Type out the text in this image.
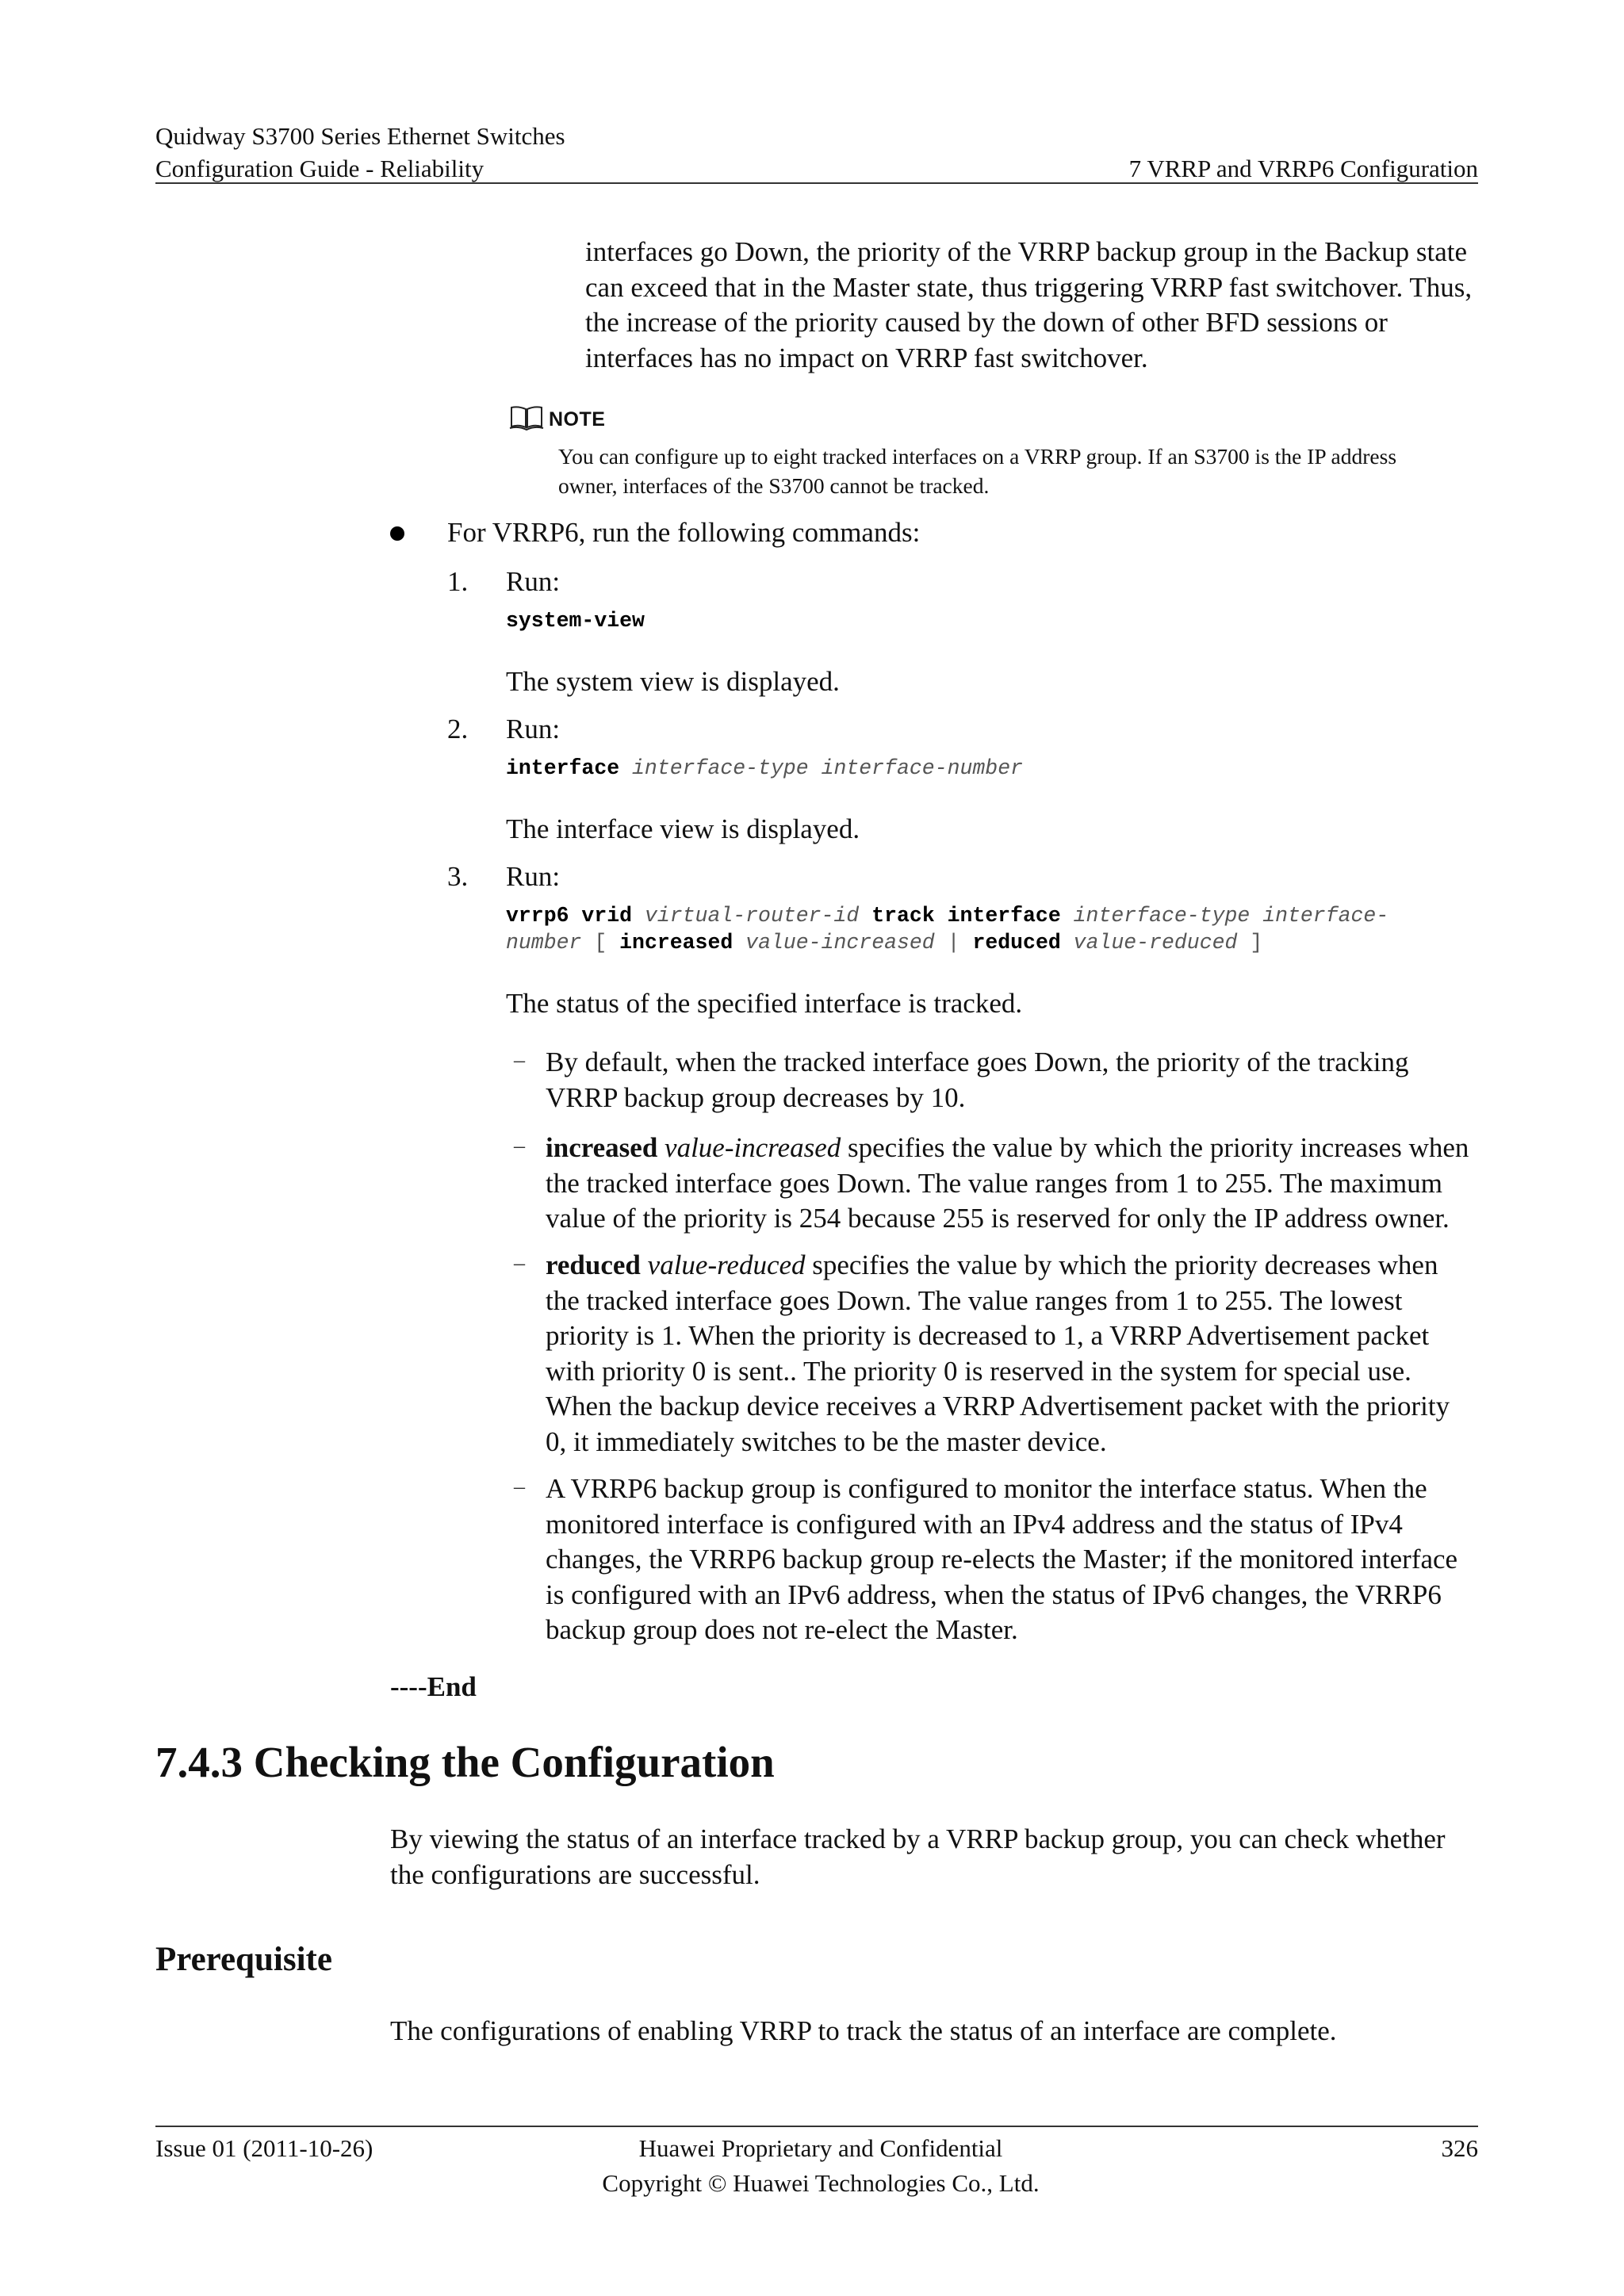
Quidway S3700 Series Ethernet Switches
Configuration Guide - Reliability	7 VRRP and VRRP6 Configuration
interfaces go Down, the priority of the VRRP backup group in the Backup state
can exceed that in the Master state, thus triggering VRRP fast switchover. Thus,
the increase of the priority caused by the down of other BFD sessions or
interfaces has no impact on VRRP fast switchover.
NOTE
You can configure up to eight tracked interfaces on a VRRP group. If an S3700 is the IP address
owner, interfaces of the S3700 cannot be tracked.
For VRRP6, run the following commands:
1. Run:
system-view
The system view is displayed.
2. Run:
interface interface-type interface-number
The interface view is displayed.
3. Run:
vrrp6 vrid virtual-router-id track interface interface-type interface-
number [ increased value-increased | reduced value-reduced ]
The status of the specified interface is tracked.
– By default, when the tracked interface goes Down, the priority of the tracking
VRRP backup group decreases by 10.
– increased value-increased specifies the value by which the priority increases when
the tracked interface goes Down. The value ranges from 1 to 255. The maximum
value of the priority is 254 because 255 is reserved for only the IP address owner.
– reduced value-reduced specifies the value by which the priority decreases when
the tracked interface goes Down. The value ranges from 1 to 255. The lowest
priority is 1. When the priority is decreased to 1, a VRRP Advertisement packet
with priority 0 is sent.. The priority 0 is reserved in the system for special use.
When the backup device receives a VRRP Advertisement packet with the priority
0, it immediately switches to be the master device.
– A VRRP6 backup group is configured to monitor the interface status. When the
monitored interface is configured with an IPv4 address and the status of IPv4
changes, the VRRP6 backup group re-elects the Master; if the monitored interface
is configured with an IPv6 address, when the status of IPv6 changes, the VRRP6
backup group does not re-elect the Master.
----End
7.4.3 Checking the Configuration
By viewing the status of an interface tracked by a VRRP backup group, you can check whether
the configurations are successful.
Prerequisite
The configurations of enabling VRRP to track the status of an interface are complete.
Issue 01 (2011-10-26)	Huawei Proprietary and Confidential
Copyright © Huawei Technologies Co., Ltd.
326
